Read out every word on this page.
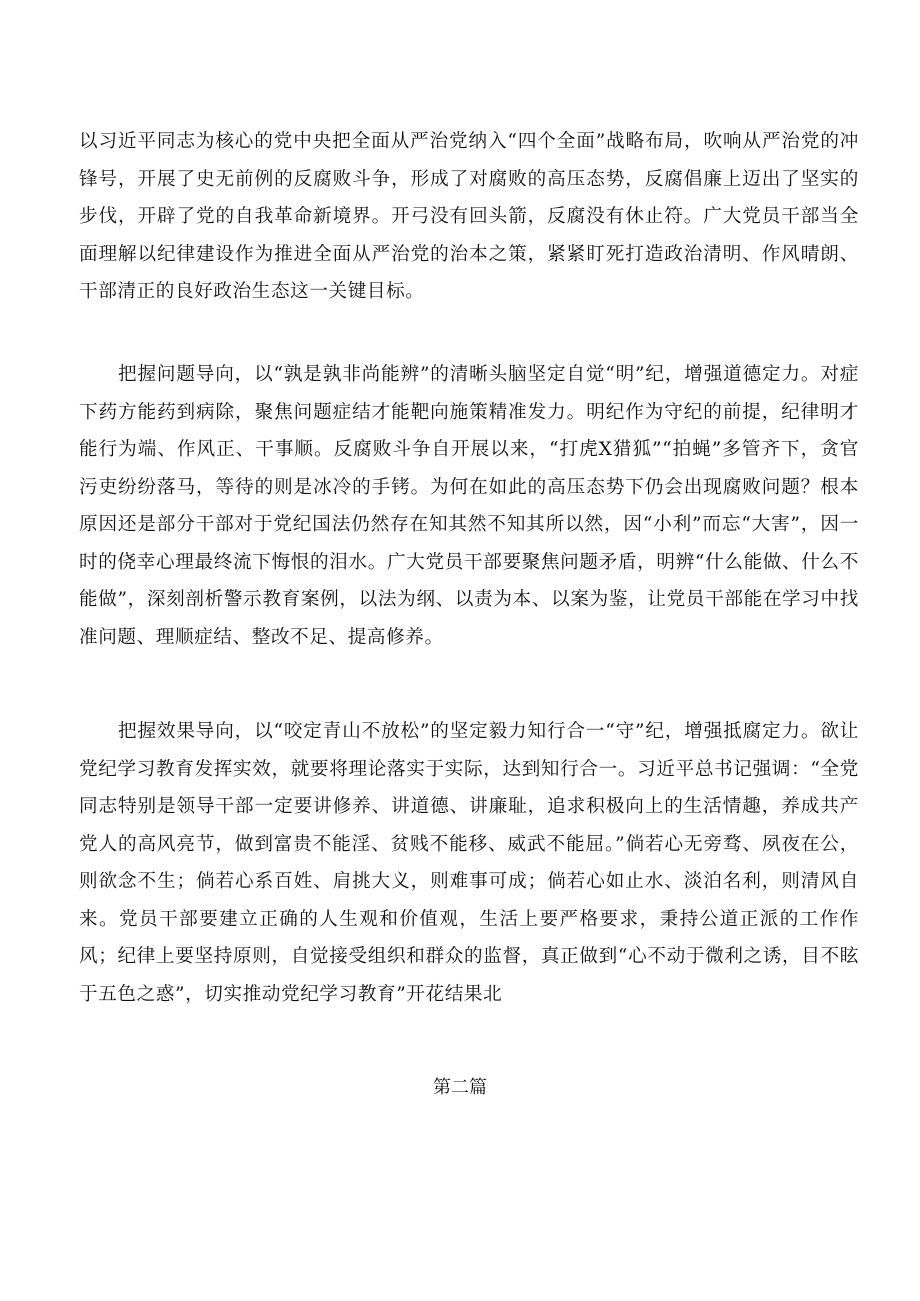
以习近平同志为核心的党中央把全面从严治党纳入“四个全面”战略布局，吹响从严治党的冲锋号，开展了史无前例的反腐败斗争，形成了对腐败的高压态势，反腐倡廉上迈出了坚实的步伐，开辟了党的自我革命新境界。开弓没有回头箭，反腐没有休止符。广大党员干部当全面理解以纪律建设作为推进全面从严治党的治本之策，紧紧盯死打造政治清明、作风晴朗、干部清正的良好政治生态这一关键目标。

把握问题导向，以“孰是孰非尚能辨”的清晰头脑坚定自觉“明”纪，增强道德定力。对症下药方能药到病除，聚焦问题症结才能靶向施策精准发力。明纪作为守纪的前提，纪律明才能行为端、作风正、干事顺。反腐败斗争自开展以来，“打虎X猎狐”“拍蝇”多管齐下，贪官污吏纷纷落马，等待的则是冰冷的手铐。为何在如此的高压态势下仍会出现腐败问题？根本原因还是部分干部对于党纪国法仍然存在知其然不知其所以然，因“小利”而忘“大害”，因一时的侥幸心理最终流下悔恨的泪水。广大党员干部要聚焦问题矛盾，明辨“什么能做、什么不能做”，深刻剖析警示教育案例，以法为纲、以责为本、以案为鉴，让党员干部能在学习中找准问题、理顺症结、整改不足、提高修养。

把握效果导向，以“咬定青山不放松”的坚定毅力知行合一“守”纪，增强抵腐定力。欲让党纪学习教育发挥实效，就要将理论落实于实际，达到知行合一。习近平总书记强调：“全党同志特别是领导干部一定要讲修养、讲道德、讲廉耻，追求积极向上的生活情趣，养成共产党人的高风亮节，做到富贵不能淫、贫贱不能移、威武不能屈。”倘若心无旁骛、夙夜在公，则欲念不生；倘若心系百姓、肩挑大义，则难事可成；倘若心如止水、淡泊名利，则清风自来。党员干部要建立正确的人生观和价值观，生活上要严格要求，秉持公道正派的工作作风；纪律上要坚持原则，自觉接受组织和群众的监督，真正做到“心不动于微利之诱，目不眩于五色之惑”，切实推动党纪学习教育”开花结果北

第二篇
